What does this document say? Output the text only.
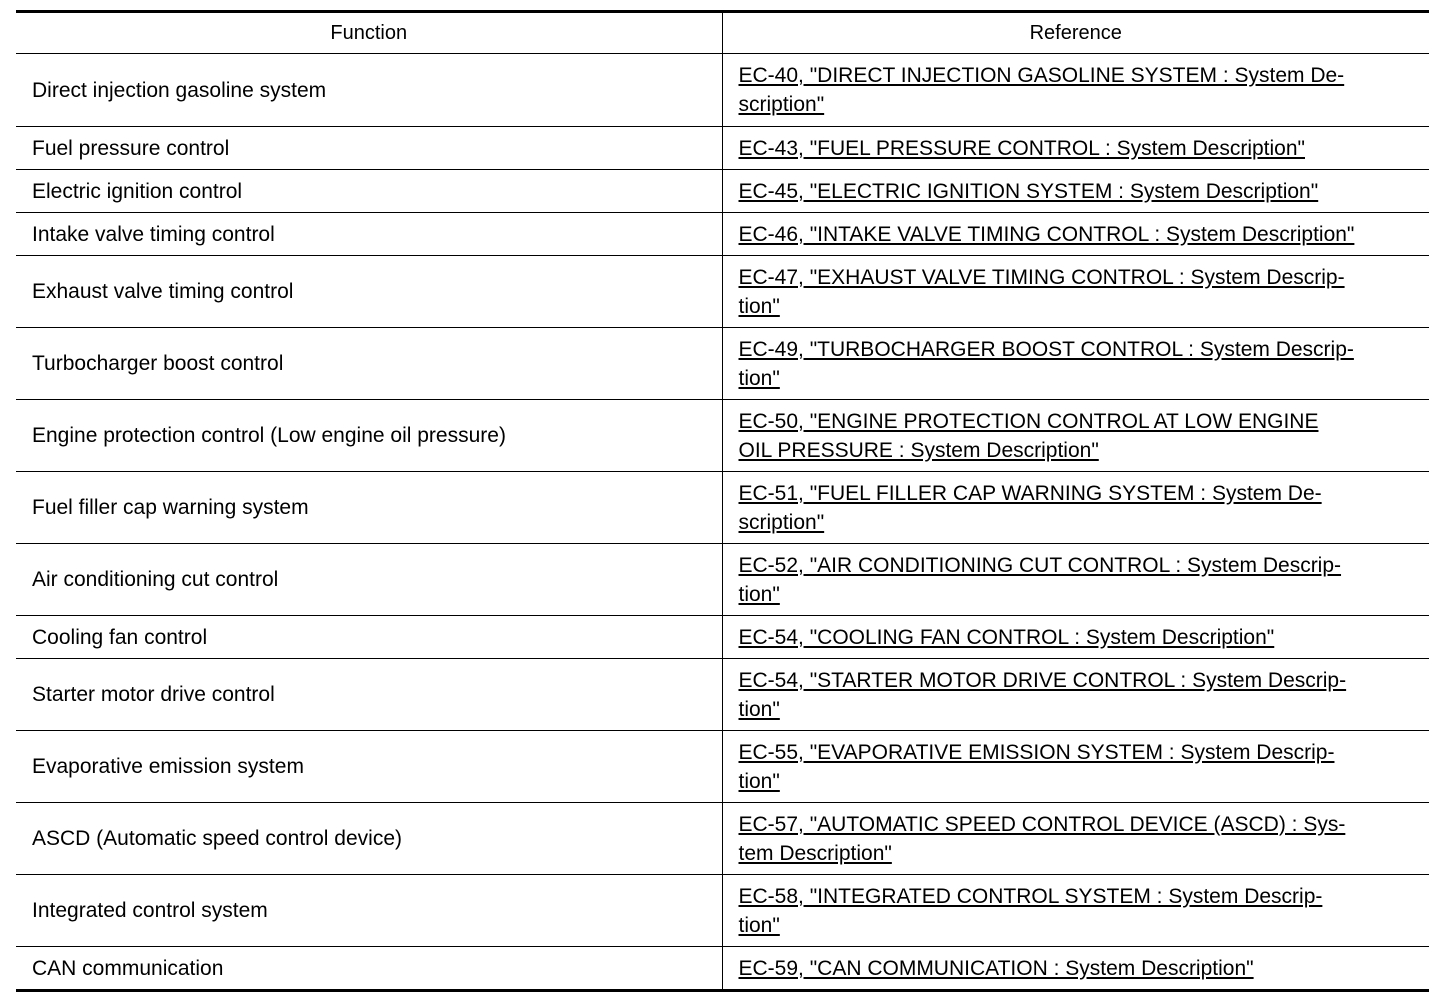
Function	Reference
Direct injection gasoline system	EC-40, "DIRECT INJECTION GASOLINE SYSTEM : System De-
scription"

Fuel pressure control	EC-43, "FUEL PRESSURE CONTROL : System Description"

Electric ignition control	EC-45, "ELECTRIC IGNITION SYSTEM : System Description"

Intake valve timing control	EC-46, "INTAKE VALVE TIMING CONTROL : System Description"

Exhaust valve timing control	EC-47, "EXHAUST VALVE TIMING CONTROL : System Descrip-
tion"

Turbocharger boost control	EC-49, "TURBOCHARGER BOOST CONTROL : System Descrip-
tion"

Engine protection control (Low engine oil pressure)	EC-50, "ENGINE PROTECTION CONTROL AT LOW ENGINE
OIL PRESSURE : System Description"

Fuel filler cap warning system	EC-51, "FUEL FILLER CAP WARNING SYSTEM : System De-
scription"

Air conditioning cut control	EC-52, "AIR CONDITIONING CUT CONTROL : System Descrip-
tion"

Cooling fan control	EC-54, "COOLING FAN CONTROL : System Description"

Starter motor drive control	EC-54, "STARTER MOTOR DRIVE CONTROL : System Descrip-
tion"

Evaporative emission system	EC-55, "EVAPORATIVE EMISSION SYSTEM : System Descrip-
tion"

ASCD (Automatic speed control device)	EC-57, "AUTOMATIC SPEED CONTROL DEVICE (ASCD) : Sys-
tem Description"

Integrated control system	EC-58, "INTEGRATED CONTROL SYSTEM : System Descrip-
tion"

CAN communication	EC-59, "CAN COMMUNICATION : System Description"
